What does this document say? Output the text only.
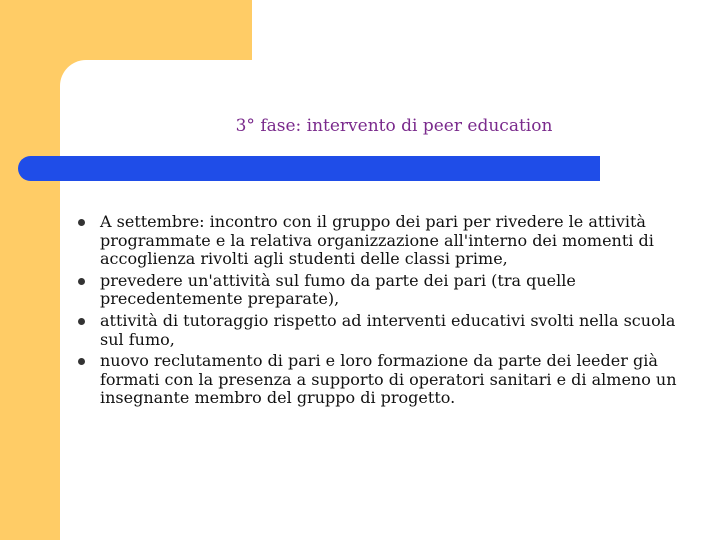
3° fase: intervento di peer education
A settembre: incontro con il gruppo dei pari per rivedere le attività programmate e la relativa organizzazione all'interno dei momenti di accoglienza rivolti agli studenti delle classi prime,
prevedere un'attività sul fumo da parte dei pari (tra quelle precedentemente preparate),
attività di tutoraggio rispetto ad interventi educativi svolti nella scuola sul fumo,
nuovo reclutamento di pari e loro formazione da parte dei leeder già formati con la presenza a supporto di operatori sanitari e di almeno un insegnante membro del gruppo di progetto.
